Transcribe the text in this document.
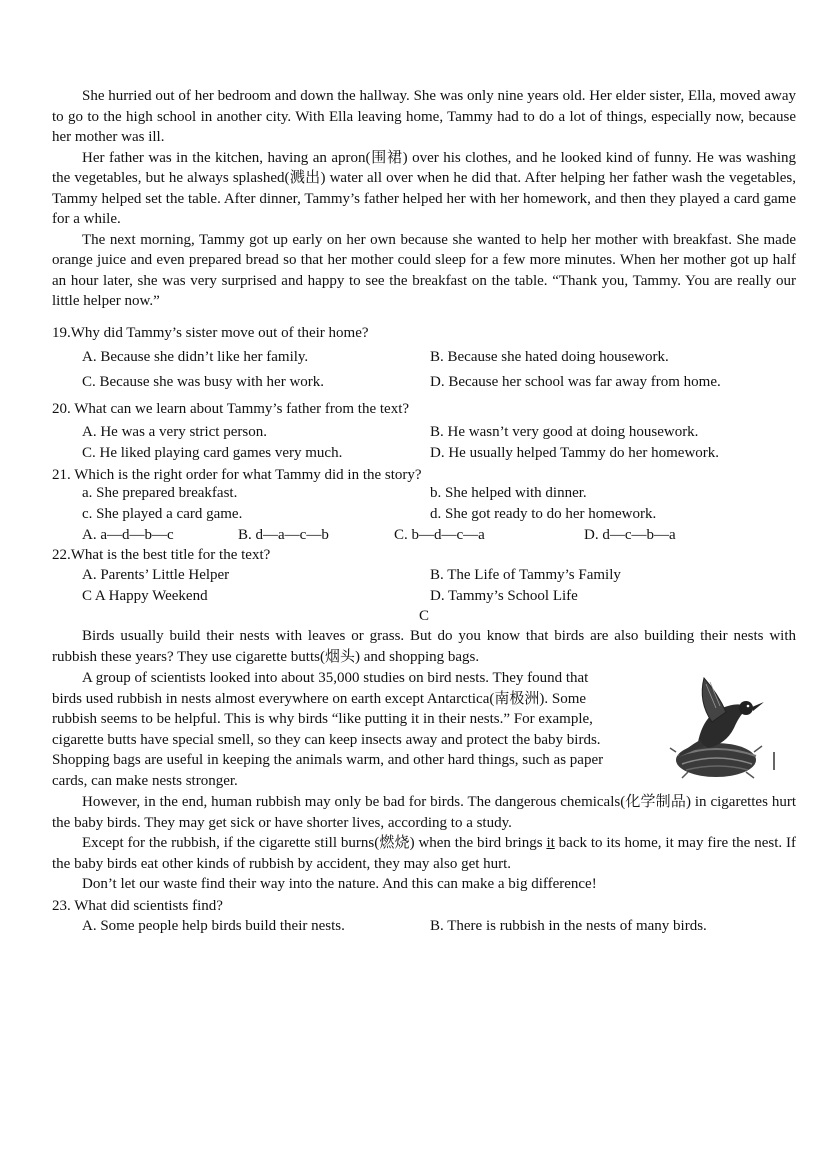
She hurried out of her bedroom and down the hallway. She was only nine years old. Her elder sister, Ella, moved away to go to the high school in another city. With Ella leaving home, Tammy had to do a lot of things, especially now, because her mother was ill.

Her father was in the kitchen, having an apron(围裙) over his clothes, and he looked kind of funny. He was washing the vegetables, but he always splashed(溅出) water all over when he did that. After helping her father wash the vegetables, Tammy helped set the table. After dinner, Tammy’s father helped her with her homework, and then they played a card game for a while.

The next morning, Tammy got up early on her own because she wanted to help her mother with breakfast. She made orange juice and even prepared bread so that her mother could sleep for a few more minutes. When her mother got up half an hour later, she was very surprised and happy to see the breakfast on the table. “Thank you, Tammy. You are really our little helper now.”

19.Why did Tammy’s sister move out of their home?

A. Because she didn’t like her family.	B. Because she hated doing housework.
C. Because she was busy with her work.	D. Because her school was far away from home.

20. What can we learn about Tammy’s father from the text?

A. He was a very strict person.	B. He wasn’t very good at doing housework.
C. He liked playing card games very much.	D. He usually helped Tammy do her homework.

21. Which is the right order for what Tammy did in the story?

a. She prepared breakfast.	b. She helped with dinner.
c. She played a card game.	d. She got ready to do her homework.
A. a—d—b—c	B. d—a—c—b	C. b—d—c—a	D. d—c—b—a

22.What is the best title for the text?

A. Parents’ Little Helper	B. The Life of Tammy’s Family
C A Happy Weekend	D. Tammy’s School Life
C

Birds usually build their nests with leaves or grass. But do you know that birds are also building their nests with rubbish these years? They use cigarette butts(烟头) and shopping bags.

A group of scientists looked into about 35,000 studies on bird nests. They found that
birds used rubbish in nests almost everywhere on earth except Antarctica(南极洲). Some
rubbish seems to be helpful. This is why birds “like putting it in their nests.” For example,
cigarette butts have special smell, so they can keep insects away and protect the baby birds.
Shopping bags are useful in keeping the animals warm, and other hard things, such as paper
cards, can make nests stronger.

However, in the end, human rubbish may only be bad for birds. The dangerous chemicals(化学制品) in cigarettes hurt the baby birds. They may get sick or have shorter lives, according to a study.

Except for the rubbish, if the cigarette still burns(燃烧) when the bird brings it back to its home, it may fire the nest. If the baby birds eat other kinds of rubbish by accident, they may also get hurt.

Don’t let our waste find their way into the nature. And this can make a big difference!

23. What did scientists find?

A. Some people help birds build their nests.	B. There is rubbish in the nests of many birds.
